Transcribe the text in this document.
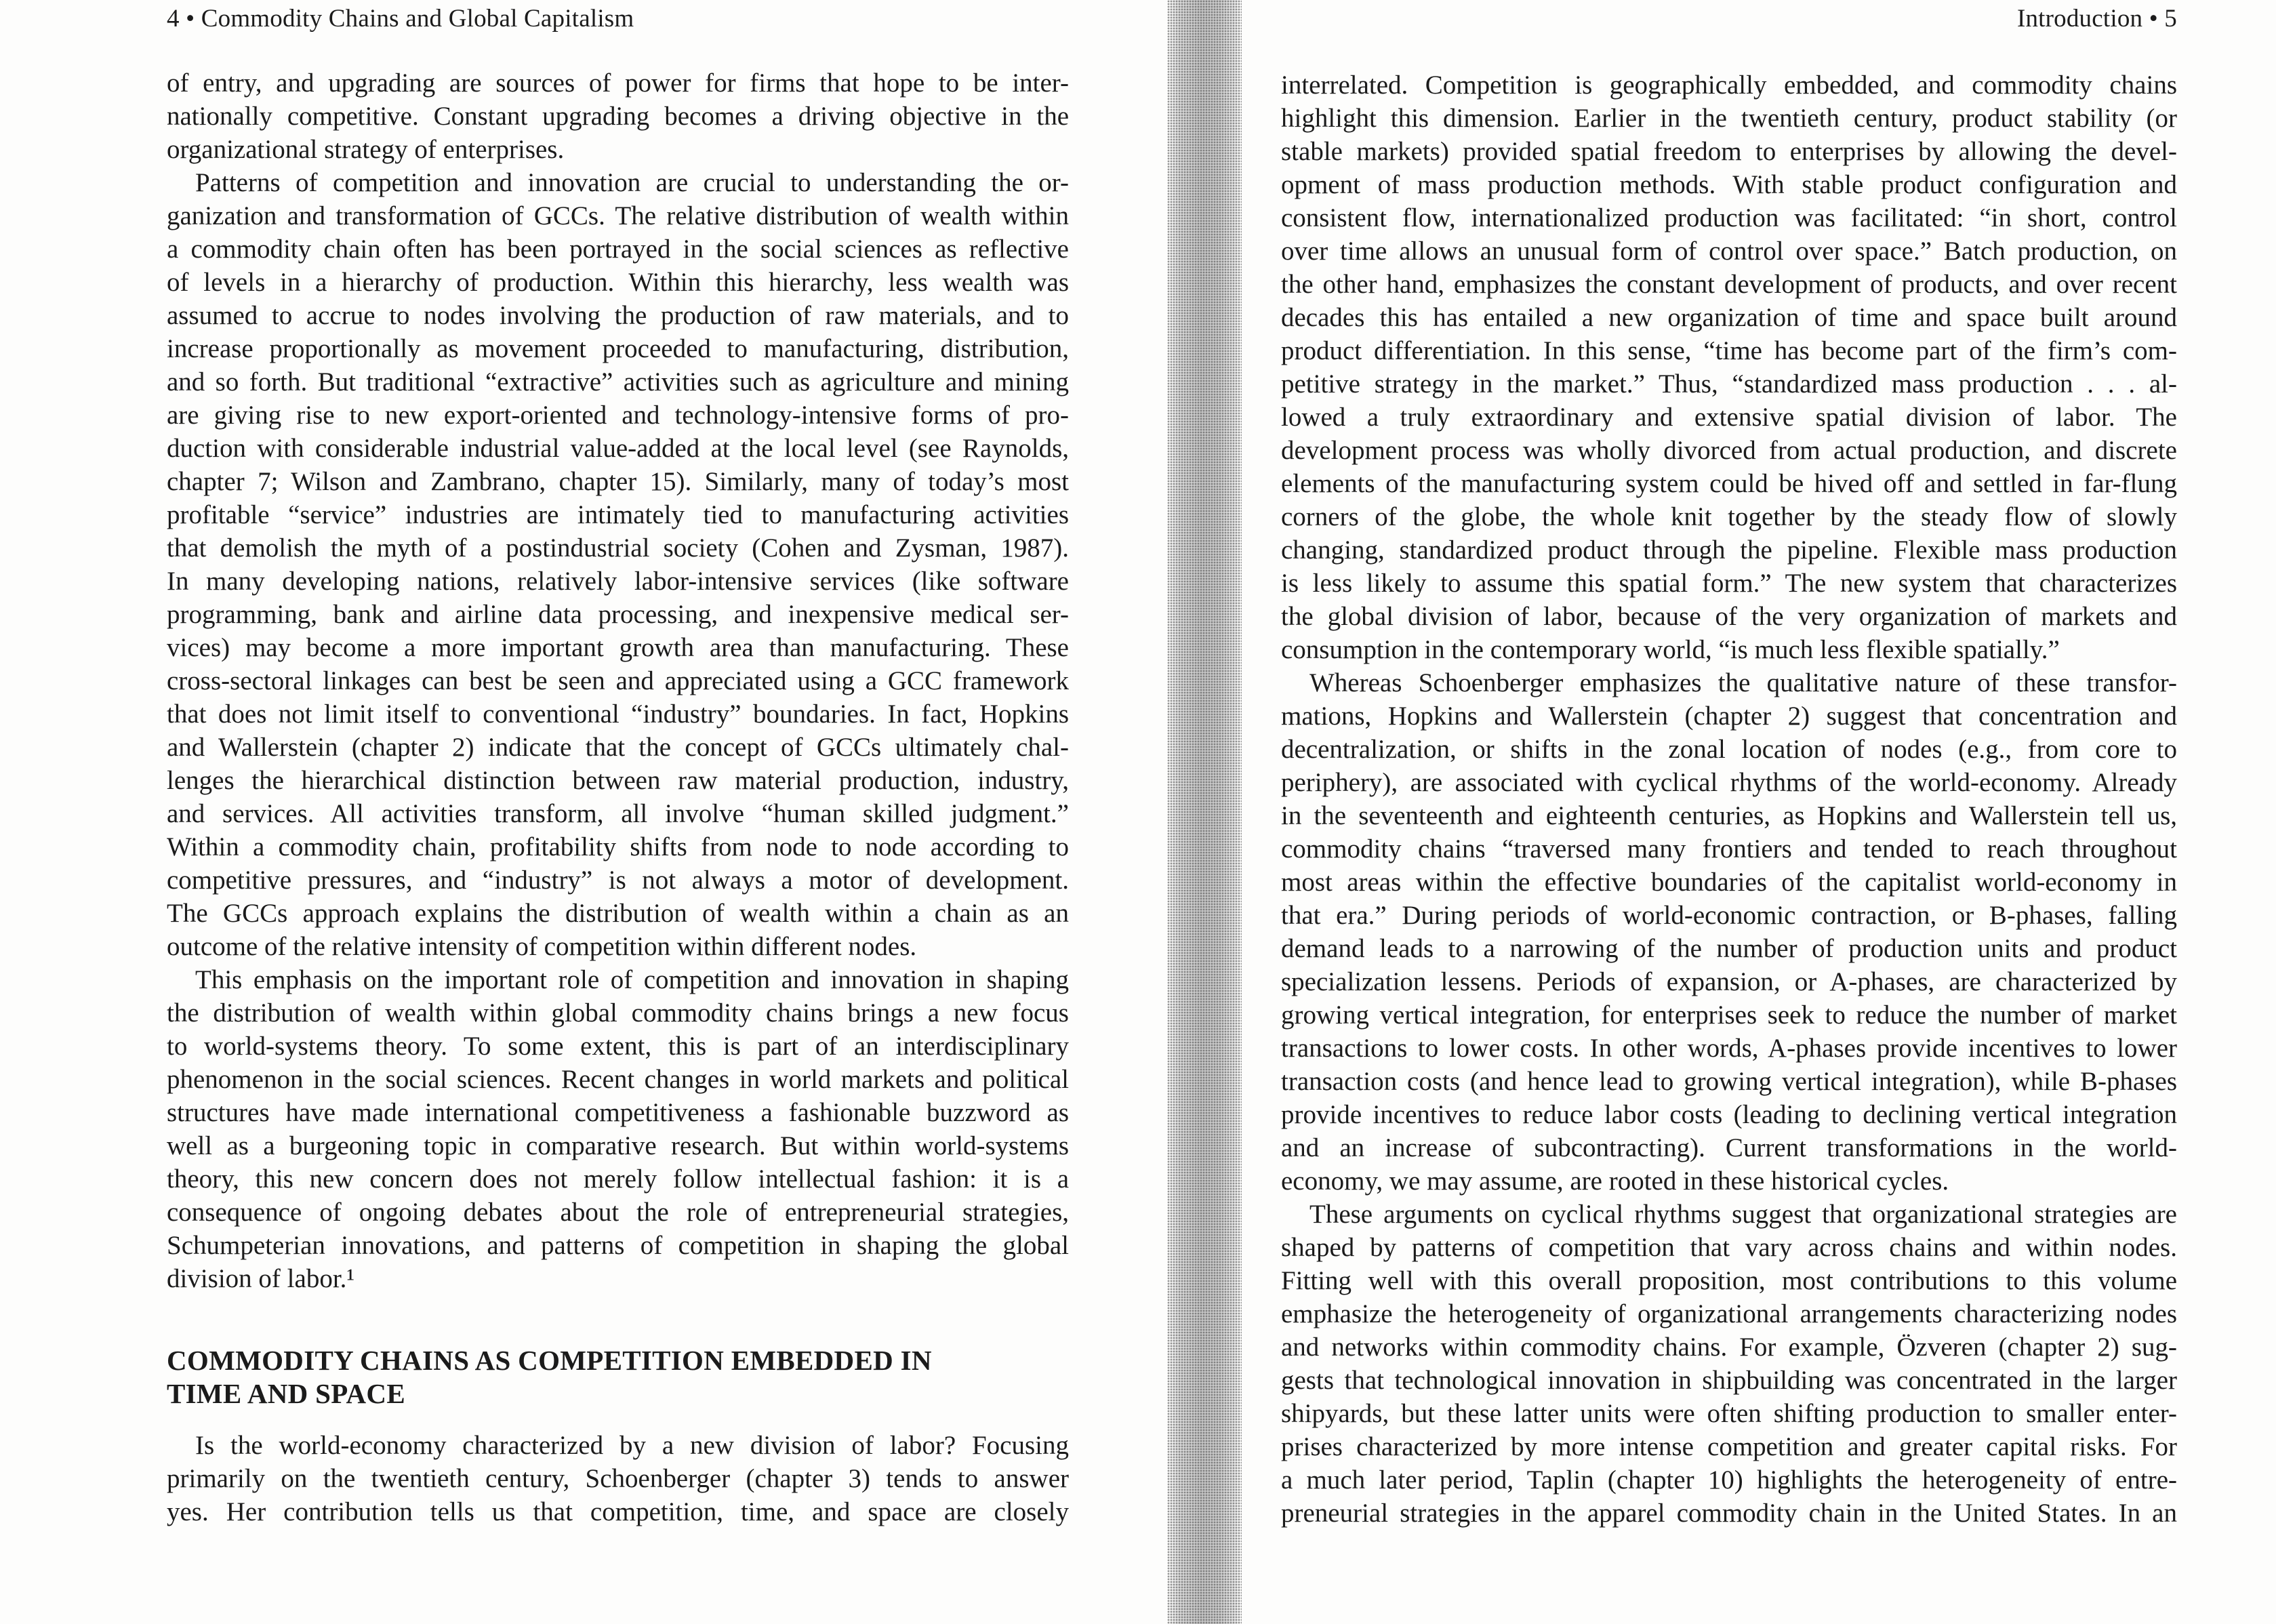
4 • Commodity Chains and Global Capitalism
of entry, and upgrading are sources of power for firms that hope to be inter-
nationally competitive. Constant upgrading becomes a driving objective in the
organizational strategy of enterprises.
Patterns of competition and innovation are crucial to understanding the or-
ganization and transformation of GCCs. The relative distribution of wealth within
a commodity chain often has been portrayed in the social sciences as reflective
of levels in a hierarchy of production. Within this hierarchy, less wealth was
assumed to accrue to nodes involving the production of raw materials, and to
increase proportionally as movement proceeded to manufacturing, distribution,
and so forth. But traditional “extractive” activities such as agriculture and mining
are giving rise to new export-oriented and technology-intensive forms of pro-
duction with considerable industrial value-added at the local level (see Raynolds,
chapter 7; Wilson and Zambrano, chapter 15). Similarly, many of today’s most
profitable “service” industries are intimately tied to manufacturing activities
that demolish the myth of a postindustrial society (Cohen and Zysman, 1987).
In many developing nations, relatively labor-intensive services (like software
programming, bank and airline data processing, and inexpensive medical ser-
vices) may become a more important growth area than manufacturing. These
cross-sectoral linkages can best be seen and appreciated using a GCC framework
that does not limit itself to conventional “industry” boundaries. In fact, Hopkins
and Wallerstein (chapter 2) indicate that the concept of GCCs ultimately chal-
lenges the hierarchical distinction between raw material production, industry,
and services. All activities transform, all involve “human skilled judgment.”
Within a commodity chain, profitability shifts from node to node according to
competitive pressures, and “industry” is not always a motor of development.
The GCCs approach explains the distribution of wealth within a chain as an
outcome of the relative intensity of competition within different nodes.
This emphasis on the important role of competition and innovation in shaping
the distribution of wealth within global commodity chains brings a new focus
to world-systems theory. To some extent, this is part of an interdisciplinary
phenomenon in the social sciences. Recent changes in world markets and political
structures have made international competitiveness a fashionable buzzword as
well as a burgeoning topic in comparative research. But within world-systems
theory, this new concern does not merely follow intellectual fashion: it is a
consequence of ongoing debates about the role of entrepreneurial strategies,
Schumpeterian innovations, and patterns of competition in shaping the global
division of labor.¹
COMMODITY CHAINS AS COMPETITION EMBEDDED IN
TIME AND SPACE
Is the world-economy characterized by a new division of labor? Focusing
primarily on the twentieth century, Schoenberger (chapter 3) tends to answer
yes. Her contribution tells us that competition, time, and space are closely
Introduction • 5
interrelated. Competition is geographically embedded, and commodity chains
highlight this dimension. Earlier in the twentieth century, product stability (or
stable markets) provided spatial freedom to enterprises by allowing the devel-
opment of mass production methods. With stable product configuration and
consistent flow, internationalized production was facilitated: “in short, control
over time allows an unusual form of control over space.” Batch production, on
the other hand, emphasizes the constant development of products, and over recent
decades this has entailed a new organization of time and space built around
product differentiation. In this sense, “time has become part of the firm’s com-
petitive strategy in the market.” Thus, “standardized mass production . . . al-
lowed a truly extraordinary and extensive spatial division of labor. The
development process was wholly divorced from actual production, and discrete
elements of the manufacturing system could be hived off and settled in far-flung
corners of the globe, the whole knit together by the steady flow of slowly
changing, standardized product through the pipeline. Flexible mass production
is less likely to assume this spatial form.” The new system that characterizes
the global division of labor, because of the very organization of markets and
consumption in the contemporary world, “is much less flexible spatially.”
Whereas Schoenberger emphasizes the qualitative nature of these transfor-
mations, Hopkins and Wallerstein (chapter 2) suggest that concentration and
decentralization, or shifts in the zonal location of nodes (e.g., from core to
periphery), are associated with cyclical rhythms of the world-economy. Already
in the seventeenth and eighteenth centuries, as Hopkins and Wallerstein tell us,
commodity chains “traversed many frontiers and tended to reach throughout
most areas within the effective boundaries of the capitalist world-economy in
that era.” During periods of world-economic contraction, or B-phases, falling
demand leads to a narrowing of the number of production units and product
specialization lessens. Periods of expansion, or A-phases, are characterized by
growing vertical integration, for enterprises seek to reduce the number of market
transactions to lower costs. In other words, A-phases provide incentives to lower
transaction costs (and hence lead to growing vertical integration), while B-phases
provide incentives to reduce labor costs (leading to declining vertical integration
and an increase of subcontracting). Current transformations in the world-
economy, we may assume, are rooted in these historical cycles.
These arguments on cyclical rhythms suggest that organizational strategies are
shaped by patterns of competition that vary across chains and within nodes.
Fitting well with this overall proposition, most contributions to this volume
emphasize the heterogeneity of organizational arrangements characterizing nodes
and networks within commodity chains. For example, Özveren (chapter 2) sug-
gests that technological innovation in shipbuilding was concentrated in the larger
shipyards, but these latter units were often shifting production to smaller enter-
prises characterized by more intense competition and greater capital risks. For
a much later period, Taplin (chapter 10) highlights the heterogeneity of entre-
preneurial strategies in the apparel commodity chain in the United States. In an
